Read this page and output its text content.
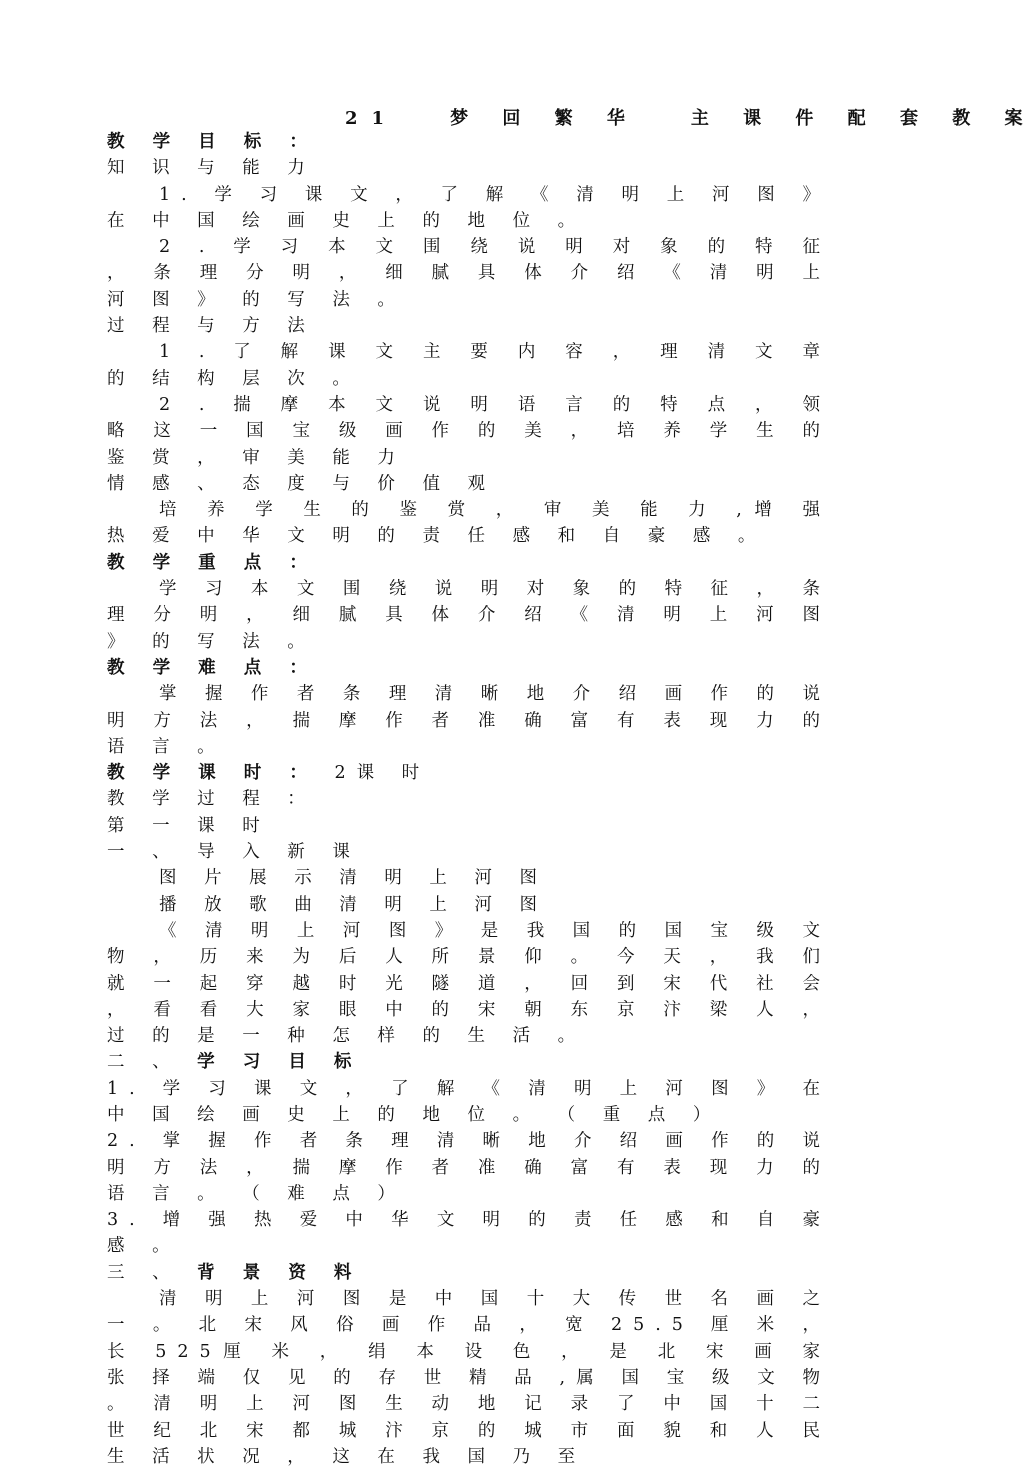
21	梦 回 繁 华	主 课 件 配 套 教 案
教 学 目 标 ：
知 识 与 能 力
1. 学 习 课 文 ， 了 解 《 清 明 上 河 图 》 在 中 国 绘 画 史 上 的 地 位 。
2 . 学 习 本 文 围 绕 说 明 对 象 的 特 征 ， 条 理 分 明 ， 细 腻 具 体 介 绍 《 清 明 上 河 图 》 的 写 法 。
过 程 与 方 法
1 . 了 解 课 文 主 要 内 容 ， 理 清 文 章 的 结 构 层 次 。
2 . 揣 摩 本 文 说 明 语 言 的 特 点 ， 领 略 这 一 国 宝 级 画 作 的 美 ， 培 养 学 生 的 鉴 赏 ， 审 美 能 力
情 感 、 态 度 与 价 值 观
培 养 学 生 的 鉴 赏 ， 审 美 能 力 ,增 强 热 爱 中 华 文 明 的 责 任 感 和 自 豪 感 。
教 学 重 点 ：
学 习 本 文 围 绕 说 明 对 象 的 特 征 ， 条 理 分 明 ， 细 腻 具 体 介 绍 《 清 明 上 河 图 》 的 写 法 。
教 学 难 点 ：
掌 握 作 者 条 理 清 晰 地 介 绍 画 作 的 说 明 方 法 ， 揣 摩 作 者 准 确 富 有 表 现 力 的 语 言 。
教 学 课 时 ： 2课 时
教 学 过 程 ：
第 一 课 时
一 、 导 入 新 课
图 片 展 示 清 明 上 河 图
播 放 歌 曲 清 明 上 河 图
《 清 明 上 河 图 》 是 我 国 的 国 宝 级 文 物 ， 历 来 为 后 人 所 景 仰 。 今 天 ， 我 们 就 一 起 穿 越 时 光 隧 道 ， 回 到 宋 代 社 会 ， 看 看 大 家 眼 中 的 宋 朝 东 京 汴 梁 人 ， 过 的 是 一 种 怎 样 的 生 活 。
二 、 学 习 目 标
1. 学 习 课 文 ， 了 解 《 清 明 上 河 图 》 在 中 国 绘 画 史 上 的 地 位 。 （ 重 点 ）
2. 掌 握 作 者 条 理 清 晰 地 介 绍 画 作 的 说 明 方 法 ， 揣 摩 作 者 准 确 富 有 表 现 力 的 语 言 。 （ 难 点 ）
3. 增 强 热 爱 中 华 文 明 的 责 任 感 和 自 豪 感 。
三 、 背 景 资 料
清 明 上 河 图 是 中 国 十 大 传 世 名 画 之 一 。 北 宋 风 俗 画 作 品 ， 宽 25.5 厘 米 ， 长 525厘 米 ， 绢 本 设 色 ， 是 北 宋 画 家 张 择 端 仅 见 的 存 世 精 品 ,属 国 宝 级 文 物 。 清 明 上 河 图 生 动 地 记 录 了 中 国 十 二 世 纪 北 宋 都 城 汴 京 的 城 市 面 貌 和 人 民 生 活 状 况 ， 这 在 我 国 乃 至
